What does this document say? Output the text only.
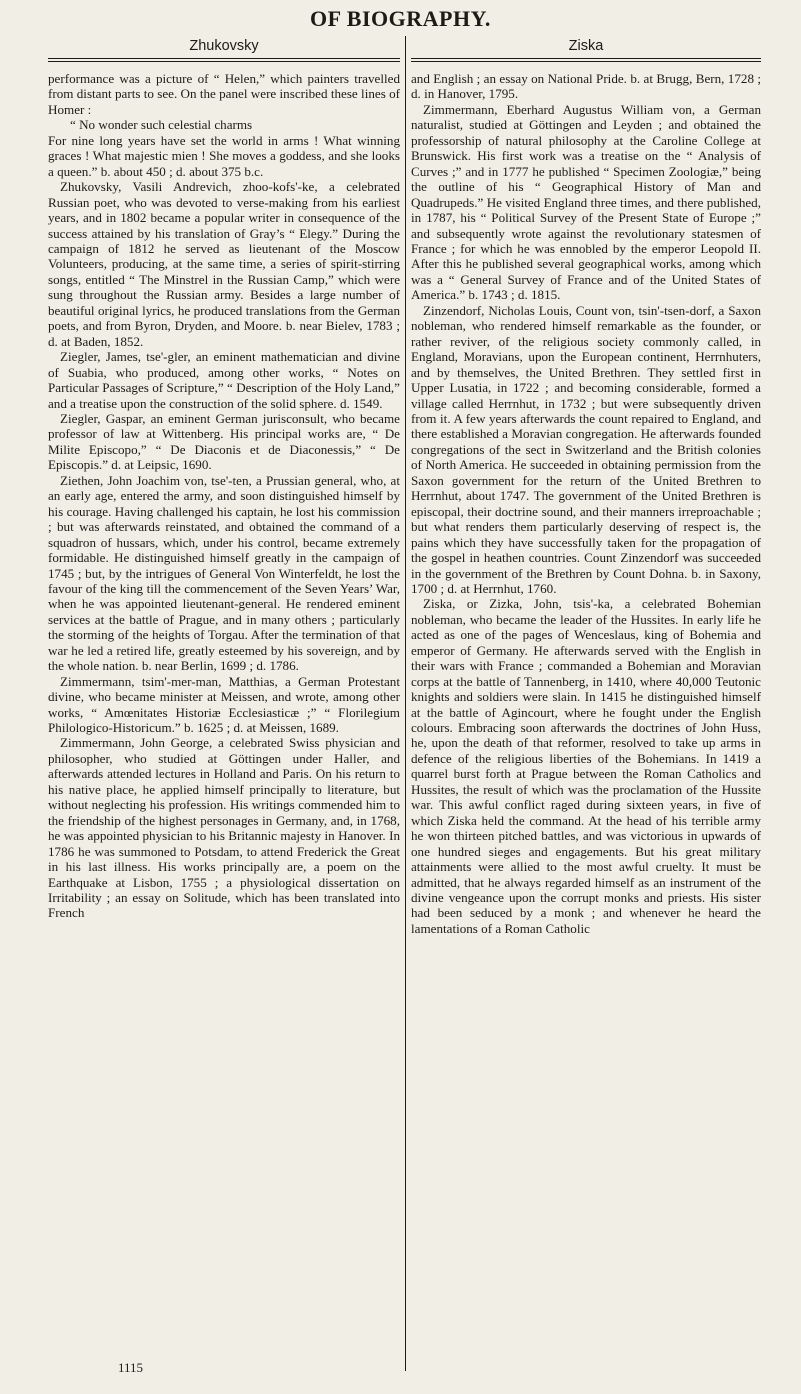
OF BIOGRAPHY.
Zhukovsky

performance was a picture of “ Helen,” which painters travelled from distant parts to see. On the panel were inscribed these lines of Homer :

“ No wonder such celestial charms

For nine long years have set the world in arms ! What winning graces ! What majestic mien ! She moves a goddess, and she looks a queen.” b. about 450 ; d. about 375 b.c.

Zhukovsky, Vasili Andrevich, zhoo-kofs'-ke, a celebrated Russian poet, who was devoted to verse-making from his earliest years, and in 1802 became a popular writer in consequence of the success attained by his translation of Gray’s “ Elegy.” During the campaign of 1812 he served as lieutenant of the Moscow Volunteers, producing, at the same time, a series of spirit-stirring songs, entitled “ The Minstrel in the Russian Camp,” which were sung throughout the Russian army. Besides a large number of beautiful original lyrics, he produced translations from the German poets, and from Byron, Dryden, and Moore. b. near Bielev, 1783 ; d. at Baden, 1852.

Ziegler, James, tse'-gler, an eminent mathematician and divine of Suabia, who produced, among other works, “ Notes on Particular Passages of Scripture,” “ Description of the Holy Land,” and a treatise upon the construction of the solid sphere. d. 1549.

Ziegler, Gaspar, an eminent German jurisconsult, who became professor of law at Wittenberg. His principal works are, “ De Milite Episcopo,” “ De Diaconis et de Diaconessis,” “ De Episcopis.” d. at Leipsic, 1690.

Ziethen, John Joachim von, tse'-ten, a Prussian general, who, at an early age, entered the army, and soon distinguished himself by his courage. Having challenged his captain, he lost his commission ; but was afterwards reinstated, and obtained the command of a squadron of hussars, which, under his control, became extremely formidable. He distinguished himself greatly in the campaign of 1745 ; but, by the intrigues of General Von Winterfeldt, he lost the favour of the king till the commencement of the Seven Years’ War, when he was appointed lieutenant-general. He rendered eminent services at the battle of Prague, and in many others ; particularly the storming of the heights of Torgau. After the termination of that war he led a retired life, greatly esteemed by his sovereign, and by the whole nation. b. near Berlin, 1699 ; d. 1786.

Zimmermann, tsim'-mer-man, Matthias, a German Protestant divine, who became minister at Meissen, and wrote, among other works, “ Amœnitates Historiæ Ecclesiasticæ ;” “ Florilegium Philologico-Historicum.” b. 1625 ; d. at Meissen, 1689.

Zimmermann, John George, a celebrated Swiss physician and philosopher, who studied at Göttingen under Haller, and afterwards attended lectures in Holland and Paris. On his return to his native place, he applied himself principally to literature, but without neglecting his profession. His writings commended him to the friendship of the highest personages in Germany, and, in 1768, he was appointed physician to his Britannic majesty in Hanover. In 1786 he was summoned to Potsdam, to attend Frederick the Great in his last illness. His works principally are, a poem on the Earthquake at Lisbon, 1755 ; a physiological dissertation on Irritability ; an essay on Solitude, which has been translated into French

Ziska

and English ; an essay on National Pride. b. at Brugg, Bern, 1728 ; d. in Hanover, 1795.

Zimmermann, Eberhard Augustus William von, a German naturalist, studied at Göttingen and Leyden ; and obtained the professorship of natural philosophy at the Caroline College at Brunswick. His first work was a treatise on the “ Analysis of Curves ;” and in 1777 he published “ Specimen Zoologiæ,” being the outline of his “ Geographical History of Man and Quadrupeds.” He visited England three times, and there published, in 1787, his “ Political Survey of the Present State of Europe ;” and subsequently wrote against the revolutionary statesmen of France ; for which he was ennobled by the emperor Leopold II. After this he published several geographical works, among which was a “ General Survey of France and of the United States of America.” b. 1743 ; d. 1815.

Zinzendorf, Nicholas Louis, Count von, tsin'-tsen-dorf, a Saxon nobleman, who rendered himself remarkable as the founder, or rather reviver, of the religious society commonly called, in England, Moravians, upon the European continent, Herrnhuters, and by themselves, the United Brethren. They settled first in Upper Lusatia, in 1722 ; and becoming considerable, formed a village called Herrnhut, in 1732 ; but were subsequently driven from it. A few years afterwards the count repaired to England, and there established a Moravian congregation. He afterwards founded congregations of the sect in Switzerland and the British colonies of North America. He succeeded in obtaining permission from the Saxon government for the return of the United Brethren to Herrnhut, about 1747. The government of the United Brethren is episcopal, their doctrine sound, and their manners irreproachable ; but what renders them particularly deserving of respect is, the pains which they have successfully taken for the propagation of the gospel in heathen countries. Count Zinzendorf was succeeded in the government of the Brethren by Count Dohna. b. in Saxony, 1700 ; d. at Herrnhut, 1760.

Ziska, or Zizka, John, tsis'-ka, a celebrated Bohemian nobleman, who became the leader of the Hussites. In early life he acted as one of the pages of Wenceslaus, king of Bohemia and emperor of Germany. He afterwards served with the English in their wars with France ; commanded a Bohemian and Moravian corps at the battle of Tannenberg, in 1410, where 40,000 Teutonic knights and soldiers were slain. In 1415 he distinguished himself at the battle of Agincourt, where he fought under the English colours. Embracing soon afterwards the doctrines of John Huss, he, upon the death of that reformer, resolved to take up arms in defence of the religious liberties of the Bohemians. In 1419 a quarrel burst forth at Prague between the Roman Catholics and Hussites, the result of which was the proclamation of the Hussite war. This awful conflict raged during sixteen years, in five of which Ziska held the command. At the head of his terrible army he won thirteen pitched battles, and was victorious in upwards of one hundred sieges and engagements. But his great military attainments were allied to the most awful cruelty. It must be admitted, that he always regarded himself as an instrument of the divine vengeance upon the corrupt monks and priests. His sister had been seduced by a monk ; and whenever he heard the lamentations of a Roman Catholic

1115
